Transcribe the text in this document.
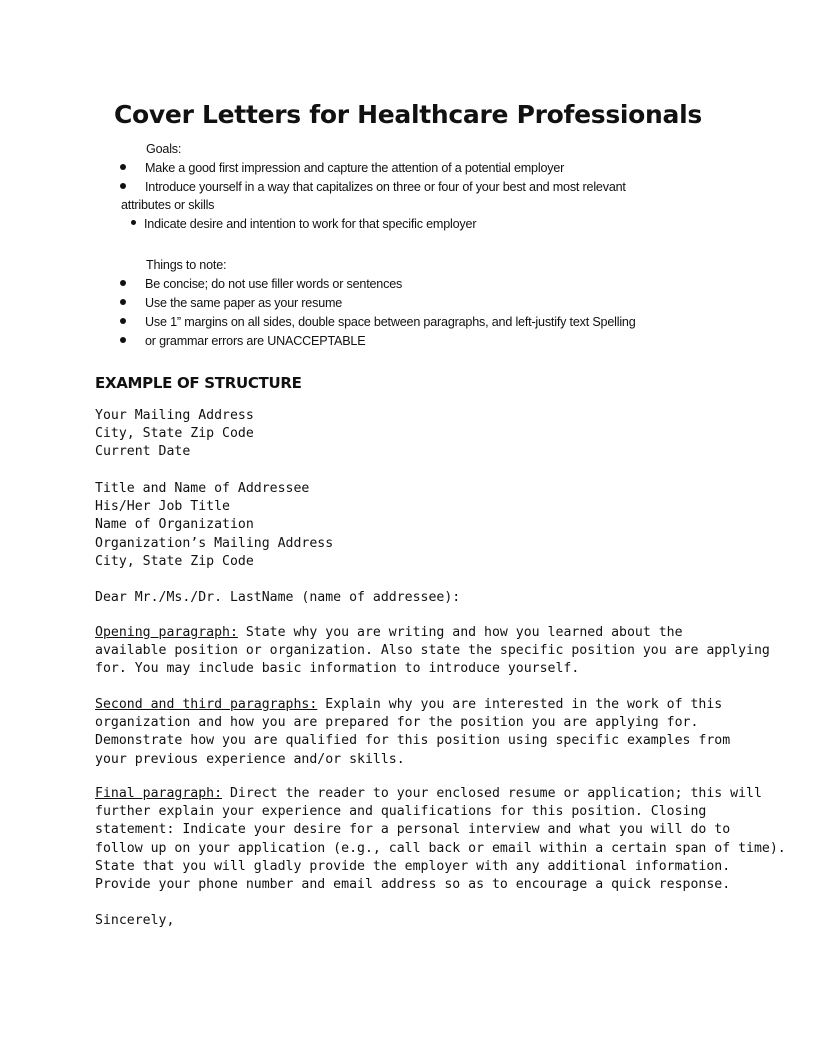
Cover Letters for Healthcare Professionals

Goals:

Make a good first impression and capture the attention of a potential employer

Introduce yourself in a way that capitalizes on three or four of your best and most relevant

attributes or skills

Indicate desire and intention to work for that specific employer

Things to note:

Be concise; do not use filler words or sentences

Use the same paper as your resume

Use 1” margins on all sides, double space between paragraphs, and left-justify text Spelling

or grammar errors are UNACCEPTABLE

EXAMPLE OF STRUCTURE
Your Mailing Address
City, State Zip Code
Current Date
Title and Name of Addressee
His/Her Job Title
Name of Organization
Organization’s Mailing Address
City, State Zip Code
Dear Mr./Ms./Dr. LastName (name of addressee):
Opening paragraph: State why you are writing and how you learned about the
available position or organization. Also state the specific position you are applying
for. You may include basic information to introduce yourself.
Second and third paragraphs: Explain why you are interested in the work of this
organization and how you are prepared for the position you are applying for.
Demonstrate how you are qualified for this position using specific examples from
your previous experience and/or skills.
Final paragraph: Direct the reader to your enclosed resume or application; this will
further explain your experience and qualifications for this position. Closing
statement: Indicate your desire for a personal interview and what you will do to
follow up on your application (e.g., call back or email within a certain span of time).
State that you will gladly provide the employer with any additional information.
Provide your phone number and email address so as to encourage a quick response.
Sincerely,
